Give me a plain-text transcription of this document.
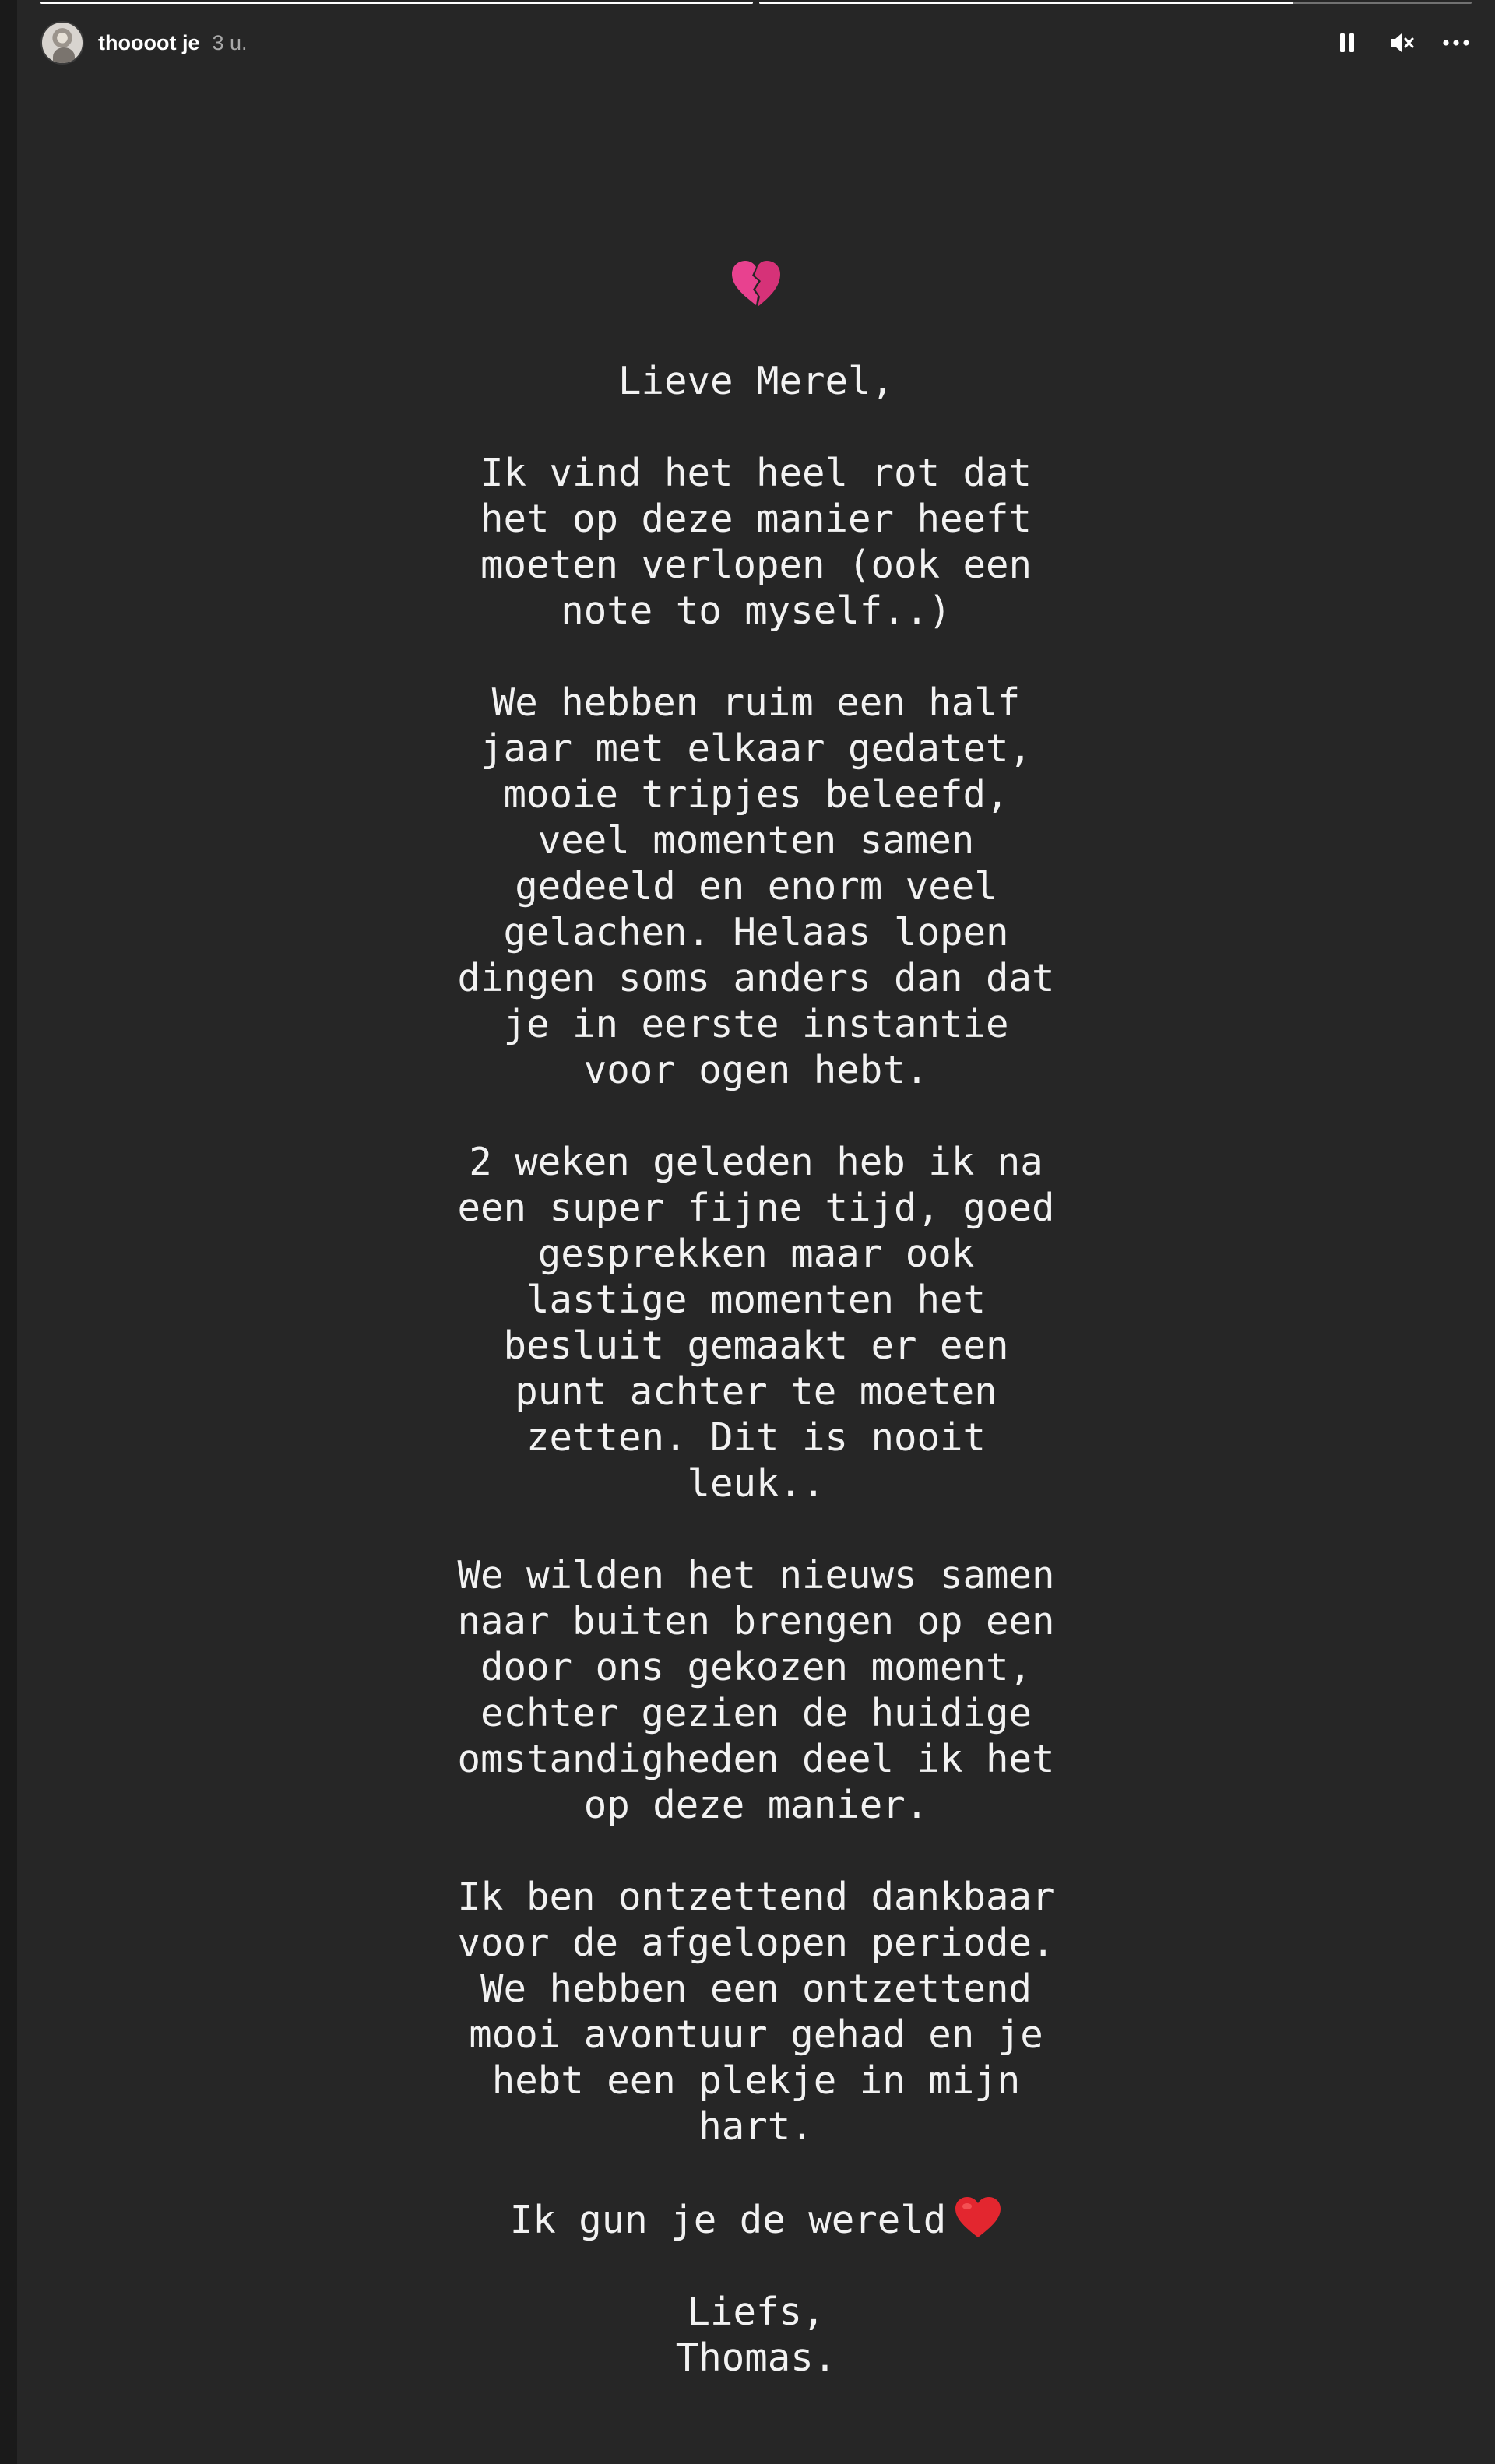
thoooot je 3 u.

Lieve Merel,

Ik vind het heel rot dat
het op deze manier heeft
moeten verlopen (ook een
note to myself..)

We hebben ruim een half
jaar met elkaar gedatet,
mooie tripjes beleefd,
veel momenten samen
gedeeld en enorm veel
gelachen. Helaas lopen
dingen soms anders dan dat
je in eerste instantie
voor ogen hebt.

2 weken geleden heb ik na
een super fijne tijd, goed
gesprekken maar ook
lastige momenten het
besluit gemaakt er een
punt achter te moeten
zetten. Dit is nooit
leuk..

We wilden het nieuws samen
naar buiten brengen op een
door ons gekozen moment,
echter gezien de huidige
omstandigheden deel ik het
op deze manier.

Ik ben ontzettend dankbaar
voor de afgelopen periode.
We hebben een ontzettend
mooi avontuur gehad en je
hebt een plekje in mijn
hart.

Ik gun je de wereld

Liefs,
Thomas.
